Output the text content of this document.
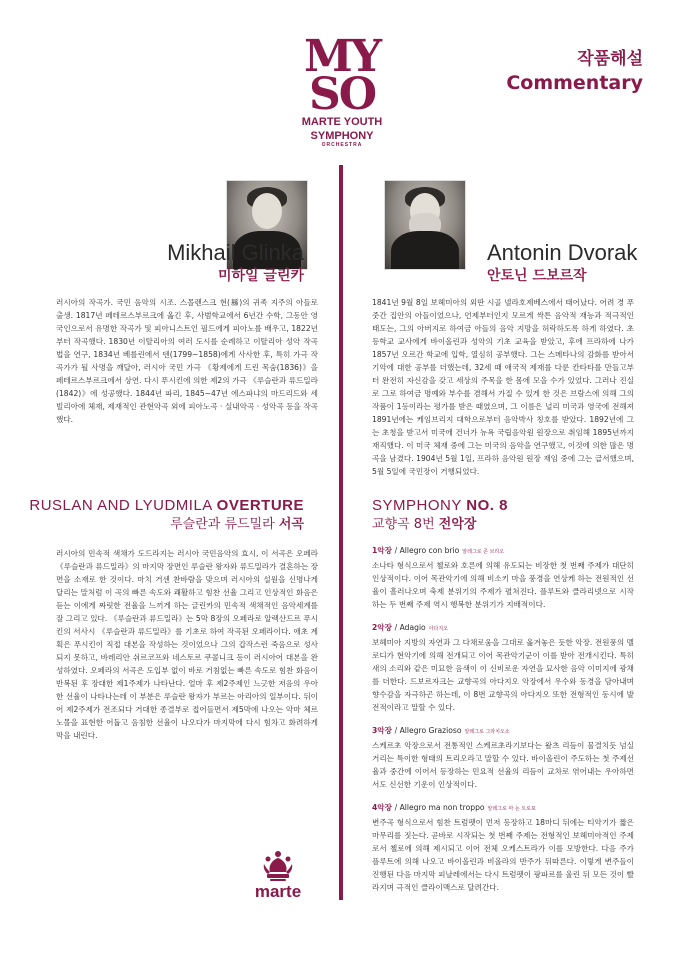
MY
SO
MARTE YOUTH
SYMPHONY
ORCHESTRA
작품해설
Commentary
Mikhail Glinka
미하일 글린카
Antonin Dvorak
안토닌 드보르작

러시아의 작곡가. 국민 음악의 시조. 스몰렌스크 현(縣)의 귀족 지주의 아들로 출생. 1817년 페테르스부르크에 옮긴 후, 사범학교에서 6년간 수학, 그동안 영국인으로서 유명한 작곡가 및 피아니스트인 필드에게 피아노를 배우고, 1822년부터 작곡했다. 1830년 이탈리아의 여러 도시를 순례하고 이탈리아 성악 작곡법을 연구, 1834년 베를린에서 덴(1799~1858)에게 사사한 후, 특히 가극 작곡가가 될 사명을 깨달아, 러시아 국민 가극 《황제에게 드린 목숨(1836)》을 페테르스부르크에서 상연. 다시 푸시킨에 의한 제2의 가극 《루슬란과 류드밀라(1842)》에 성공했다. 1844년 파리, 1845~47년 에스파냐의 마드리드와 세빌리아에 체재, 제재적인 관현악곡 외에 피아노곡 · 실내악곡 · 성악곡 등을 작곡했다.

1841년 9월 8일 보헤미아의 외딴 시골 넬라호제베스에서 태어났다. 어려 경 푸줏간 집안의 아들이었으나, 언제부터인지 모르게 싹튼 음악적 재능과 적극적인 태도는, 그의 아버지로 하여금 아들의 음악 지망을 허락하도록 하게 하였다. 초등학교 교사에게 바이올린과 성악의 기초 교육을 받았고, 후에 프라하에 나가 1857년 오르간 학교에 입학, 열심히 공부했다. 그는 스메타나의 감화를 받아서 기악에 대한 공부를 더했는데, 32세 때 애국적 제재를 다룬 칸타타를 만들고부터 완전히 자신감을 갖고 세상의 주목을 한 몸에 모을 수가 있었다. 그러나 진실로 그로 하여금 명예와 부수를 겸해서 가질 수 있게 한 것은 브람스에 의해 그의 작품이 1등이라는 평가를 받은 때였으며, 그 이름은 널리 미국과 영국에 전해져 1891년에는 케임브리지 대학으로부터 음악박사 칭호를 받았다. 1892년에 그는 초청을 받고서 미국에 건너가 뉴욕 국립음악원 원장으로 취임해 1895년까지 재직했다. 이 미국 체재 중에 그는 미국의 음악을 연구했고, 이것에 의한 많은 명곡을 남겼다. 1904년 5월 1일, 프라하 음악원 원장 재임 중에 그는 급서했으며, 5월 5일에 국민장이 거행되었다.

RUSLAN AND LYUDMILA OVERTURE
루슬란과 류드밀라 서곡
SYMPHONY NO. 8
교향곡 8번 전악장

러시아의 민속적 색채가 도드라지는 러시아 국민음악의 효시, 이 서곡은 오페라 《루슬란과 류드밀라》의 마지막 장면인 루슬란 왕자와 류드밀라가 결혼하는 장면을 소재로 한 것이다. 마치 거센 찬바람을 맞으며 러시아의 설원을 신명나게 달리는 말처럼 이 곡의 빠른 속도와 쾌활하고 힘찬 선율 그리고 인상적인 화음은 듣는 이에게 짜릿한 전율을 느끼게 하는 글린카의 민속적 색채적인 음악세계를 잘 그리고 있다. 《루슬란과 류드밀라》는 5막 8장의 오페라로 알렉산드르 푸시킨의 서사시 《루슬란과 류드밀라》를 기초로 하여 작곡된 오페라이다. 애초 계획은 푸시킨이 직접 대본을 작성하는 것이었으나 그의 갑작스런 죽음으로 성사되지 못하고, 바레리안 쉬르코프와 네스토르 쿠콜니크 등이 러시아어 대본을 완성하였다. 오페라의 서곡은 도입부 없이 바로 거침없는 빠른 속도로 힘찬 화음이 반복된 후 장대한 제1주제가 나타난다. 얼마 후 제2주제인 느긋한 저음의 우아한 선율이 나타나는데 이 부분은 루슬란 왕자가 부르는 아리아의 일부이다. 뒤이어 제2주제가 전조되다 거대한 종결부로 접어들면서 제5막에 나오는 악마 체르노몰을 표현한 어둡고 음침한 선율이 나오다가 마지막에 다시 힘차고 화려하게 막을 내린다.

1악장 / Allegro con brio 알레그로 콘 브리오

소나타 형식으로서 첼로와 호른에 의해 유도되는 비장한 첫 번째 주제가 대단히 인상적이다. 이어 목관악기에 의해 비소키 마을 풍경을 연상케 하는 전원적인 선율이 흘러나오며 축제 분위기의 주제가 펼쳐진다. 플루트와 클라리넷으로 시작하는 두 번째 주제 역시 행복한 분위기가 지배적이다.

2악장 / Adagio 아다지오

보헤미아 지방의 자연과 그 다채로움을 그대로 옮겨놓은 듯한 악장. 전원풍의 멜로디가 현악기에 의해 전개되고 이어 목관악기군이 이를 받아 전개시킨다. 특히 새의 소리와 같은 미묘한 음색이 이 신비로운 자연을 묘사한 음악 이미지에 광채를 더한다. 드보르자크는 교향곡의 아다지오 악장에서 우수와 동경을 담아내며 향수감을 자극하곤 하는데, 이 8번 교향곡의 아다지오 또한 전형적인 동시에 발전적이라고 말할 수 있다.

3악장 / Allegro Grazioso 알레그로 그라치오소

스케르초 악장으로서 전통적인 스케르초라기보다는 왈츠 리듬이 물결치듯 넘실거리는 특이한 형태의 트리오라고 말할 수 있다. 바이올린이 주도하는 첫 주제선율과 중간에 이어서 등장하는 민요적 선율의 리듬이 교차로 엮어내는 우아하면서도 신선한 기운이 인상적이다.

4악장 / Allegro ma non troppo 알레그로 마 논 트로포

변주곡 형식으로서 힘찬 트럼펫이 먼저 등장하고 18마디 뒤에는 티악기가 짧은 마무리를 짓는다. 곧바로 시작되는 첫 번째 주제는 전형적인 보헤미아적인 주제로서 첼로에 의해 제시되고 이어 전체 오케스트라가 이를 모방한다. 다음 주가 플루트에 의해 나오고 바이올린과 비올라의 반주가 뒤따른다. 이렇게 변주들이 진행된 다음 마지막 피날레에서는 다시 트럼펫이 팡파르를 울린 뒤 모든 것이 빨라지며 극적인 클라이맥스로 달려간다.

marte
